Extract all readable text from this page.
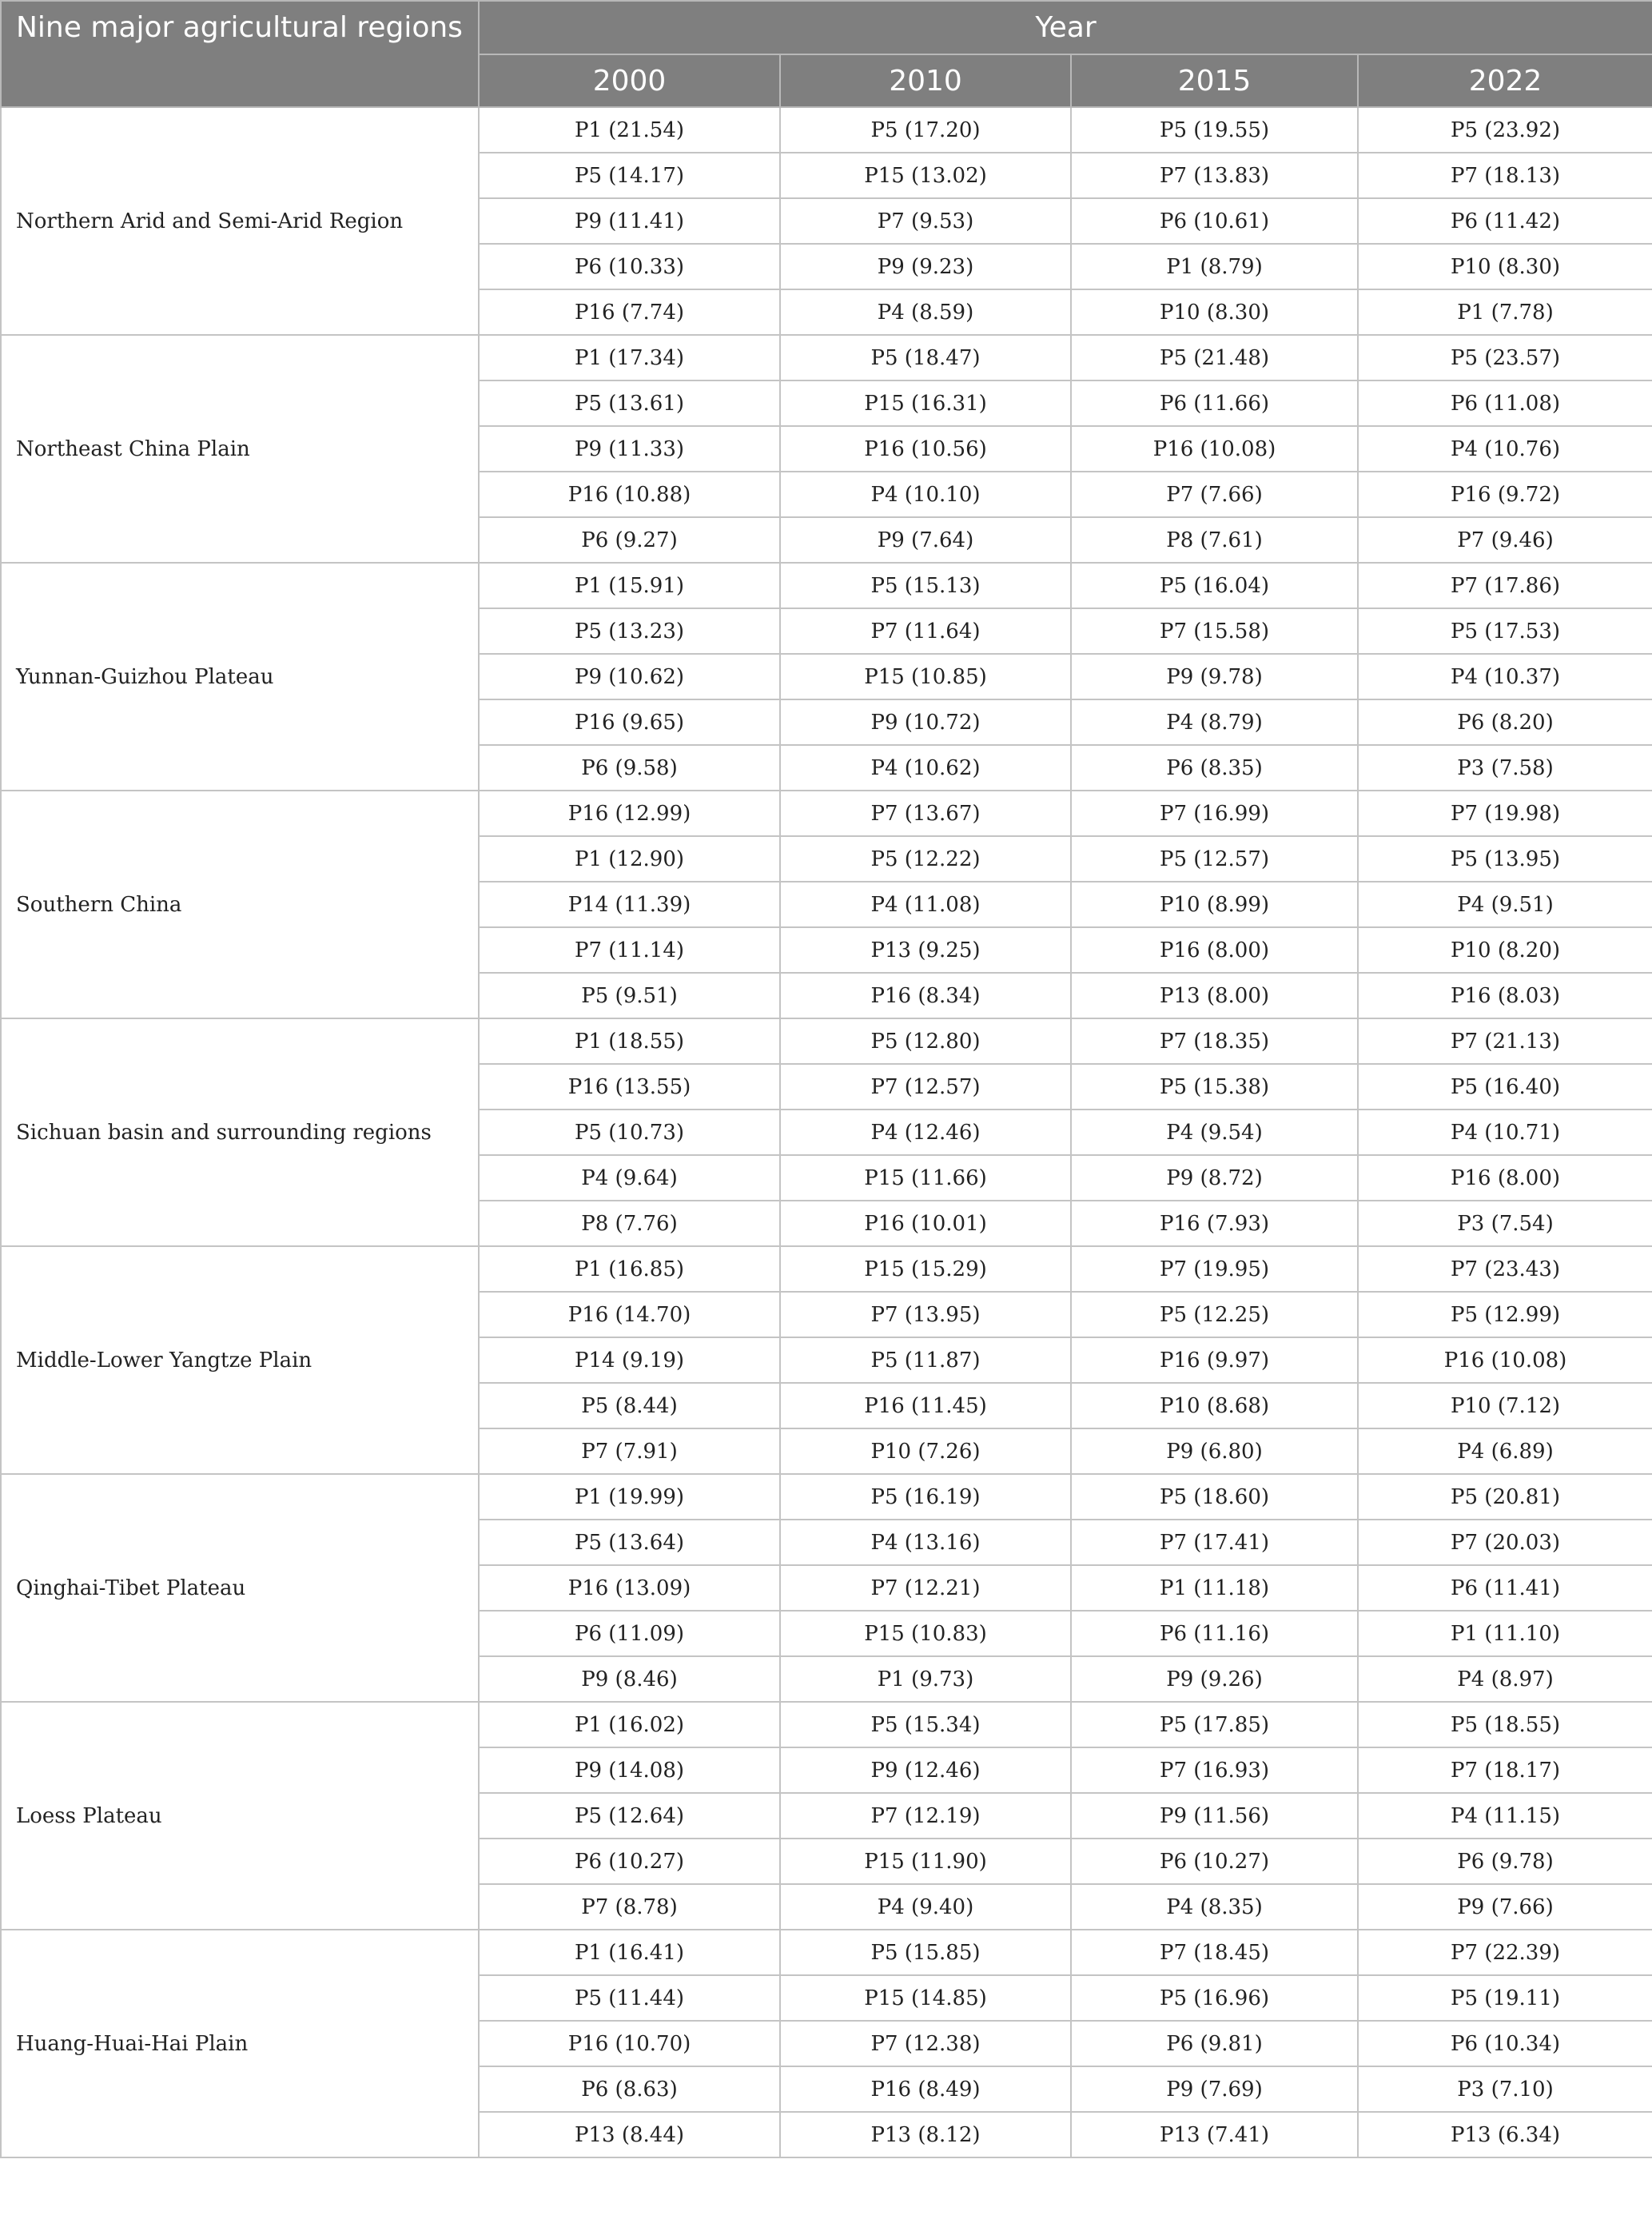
Nine major agricultural regions	Year			
	2000	2010	2015	2022
Northern Arid and Semi-Arid Region	P1 (21.54)	P5 (17.20)	P5 (19.55)	P5 (23.92)
	P5 (14.17)	P15 (13.02)	P7 (13.83)	P7 (18.13)
	P9 (11.41)	P7 (9.53)	P6 (10.61)	P6 (11.42)
	P6 (10.33)	P9 (9.23)	P1 (8.79)	P10 (8.30)
	P16 (7.74)	P4 (8.59)	P10 (8.30)	P1 (7.78)
Northeast China Plain	P1 (17.34)	P5 (18.47)	P5 (21.48)	P5 (23.57)
	P5 (13.61)	P15 (16.31)	P6 (11.66)	P6 (11.08)
	P9 (11.33)	P16 (10.56)	P16 (10.08)	P4 (10.76)
	P16 (10.88)	P4 (10.10)	P7 (7.66)	P16 (9.72)
	P6 (9.27)	P9 (7.64)	P8 (7.61)	P7 (9.46)
Yunnan-Guizhou Plateau	P1 (15.91)	P5 (15.13)	P5 (16.04)	P7 (17.86)
	P5 (13.23)	P7 (11.64)	P7 (15.58)	P5 (17.53)
	P9 (10.62)	P15 (10.85)	P9 (9.78)	P4 (10.37)
	P16 (9.65)	P9 (10.72)	P4 (8.79)	P6 (8.20)
	P6 (9.58)	P4 (10.62)	P6 (8.35)	P3 (7.58)
Southern China	P16 (12.99)	P7 (13.67)	P7 (16.99)	P7 (19.98)
	P1 (12.90)	P5 (12.22)	P5 (12.57)	P5 (13.95)
	P14 (11.39)	P4 (11.08)	P10 (8.99)	P4 (9.51)
	P7 (11.14)	P13 (9.25)	P16 (8.00)	P10 (8.20)
	P5 (9.51)	P16 (8.34)	P13 (8.00)	P16 (8.03)
Sichuan basin and surrounding regions	P1 (18.55)	P5 (12.80)	P7 (18.35)	P7 (21.13)
	P16 (13.55)	P7 (12.57)	P5 (15.38)	P5 (16.40)
	P5 (10.73)	P4 (12.46)	P4 (9.54)	P4 (10.71)
	P4 (9.64)	P15 (11.66)	P9 (8.72)	P16 (8.00)
	P8 (7.76)	P16 (10.01)	P16 (7.93)	P3 (7.54)
Middle-Lower Yangtze Plain	P1 (16.85)	P15 (15.29)	P7 (19.95)	P7 (23.43)
	P16 (14.70)	P7 (13.95)	P5 (12.25)	P5 (12.99)
	P14 (9.19)	P5 (11.87)	P16 (9.97)	P16 (10.08)
	P5 (8.44)	P16 (11.45)	P10 (8.68)	P10 (7.12)
	P7 (7.91)	P10 (7.26)	P9 (6.80)	P4 (6.89)
Qinghai-Tibet Plateau	P1 (19.99)	P5 (16.19)	P5 (18.60)	P5 (20.81)
	P5 (13.64)	P4 (13.16)	P7 (17.41)	P7 (20.03)
	P16 (13.09)	P7 (12.21)	P1 (11.18)	P6 (11.41)
	P6 (11.09)	P15 (10.83)	P6 (11.16)	P1 (11.10)
	P9 (8.46)	P1 (9.73)	P9 (9.26)	P4 (8.97)
Loess Plateau	P1 (16.02)	P5 (15.34)	P5 (17.85)	P5 (18.55)
	P9 (14.08)	P9 (12.46)	P7 (16.93)	P7 (18.17)
	P5 (12.64)	P7 (12.19)	P9 (11.56)	P4 (11.15)
	P6 (10.27)	P15 (11.90)	P6 (10.27)	P6 (9.78)
	P7 (8.78)	P4 (9.40)	P4 (8.35)	P9 (7.66)
Huang-Huai-Hai Plain	P1 (16.41)	P5 (15.85)	P7 (18.45)	P7 (22.39)
	P5 (11.44)	P15 (14.85)	P5 (16.96)	P5 (19.11)
	P16 (10.70)	P7 (12.38)	P6 (9.81)	P6 (10.34)
	P6 (8.63)	P16 (8.49)	P9 (7.69)	P3 (7.10)
	P13 (8.44)	P13 (8.12)	P13 (7.41)	P13 (6.34)
